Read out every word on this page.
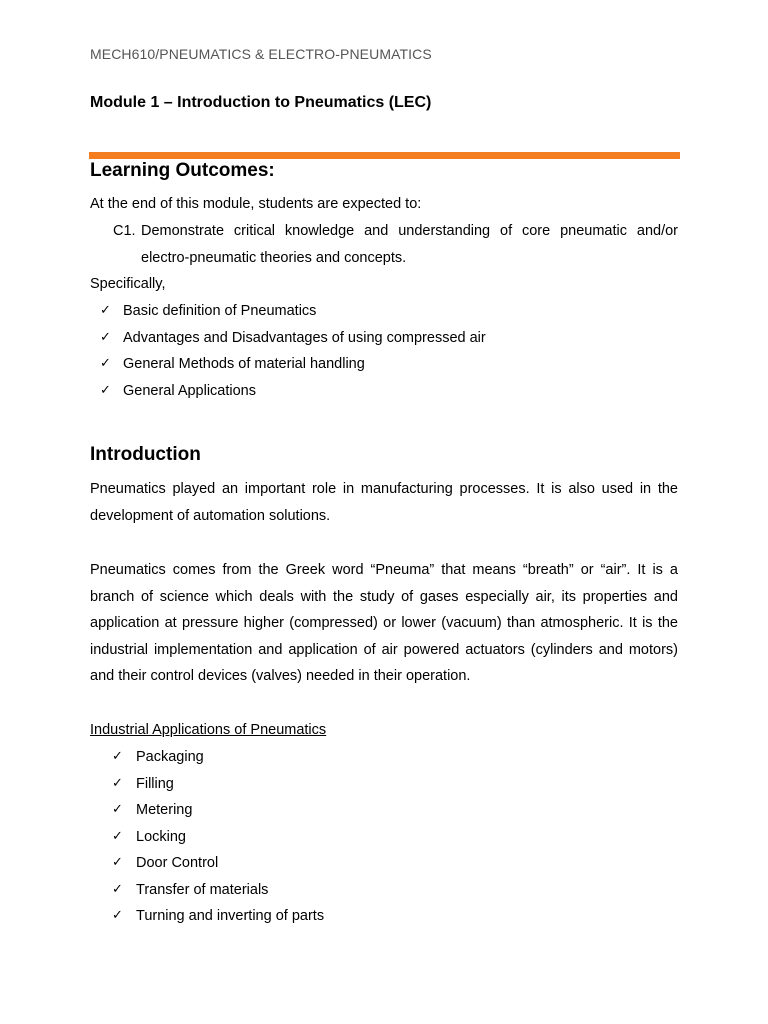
MECH610/PNEUMATICS & ELECTRO-PNEUMATICS
Module 1 – Introduction to Pneumatics (LEC)
Learning Outcomes:
At the end of this module, students are expected to:
C1. Demonstrate critical knowledge and understanding of core pneumatic and/or electro-pneumatic theories and concepts.
Specifically,
✓ Basic definition of Pneumatics
✓ Advantages and Disadvantages of using compressed air
✓ General Methods of material handling
✓ General Applications
Introduction
Pneumatics played an important role in manufacturing processes. It is also used in the development of automation solutions.
Pneumatics comes from the Greek word “Pneuma” that means “breath” or “air”. It is a branch of science which deals with the study of gases especially air, its properties and application at pressure higher (compressed) or lower (vacuum) than atmospheric. It is the industrial implementation and application of air powered actuators (cylinders and motors) and their control devices (valves) needed in their operation.
Industrial Applications of Pneumatics
✓ Packaging
✓ Filling
✓ Metering
✓ Locking
✓ Door Control
✓ Transfer of materials
✓ Turning and inverting of parts
